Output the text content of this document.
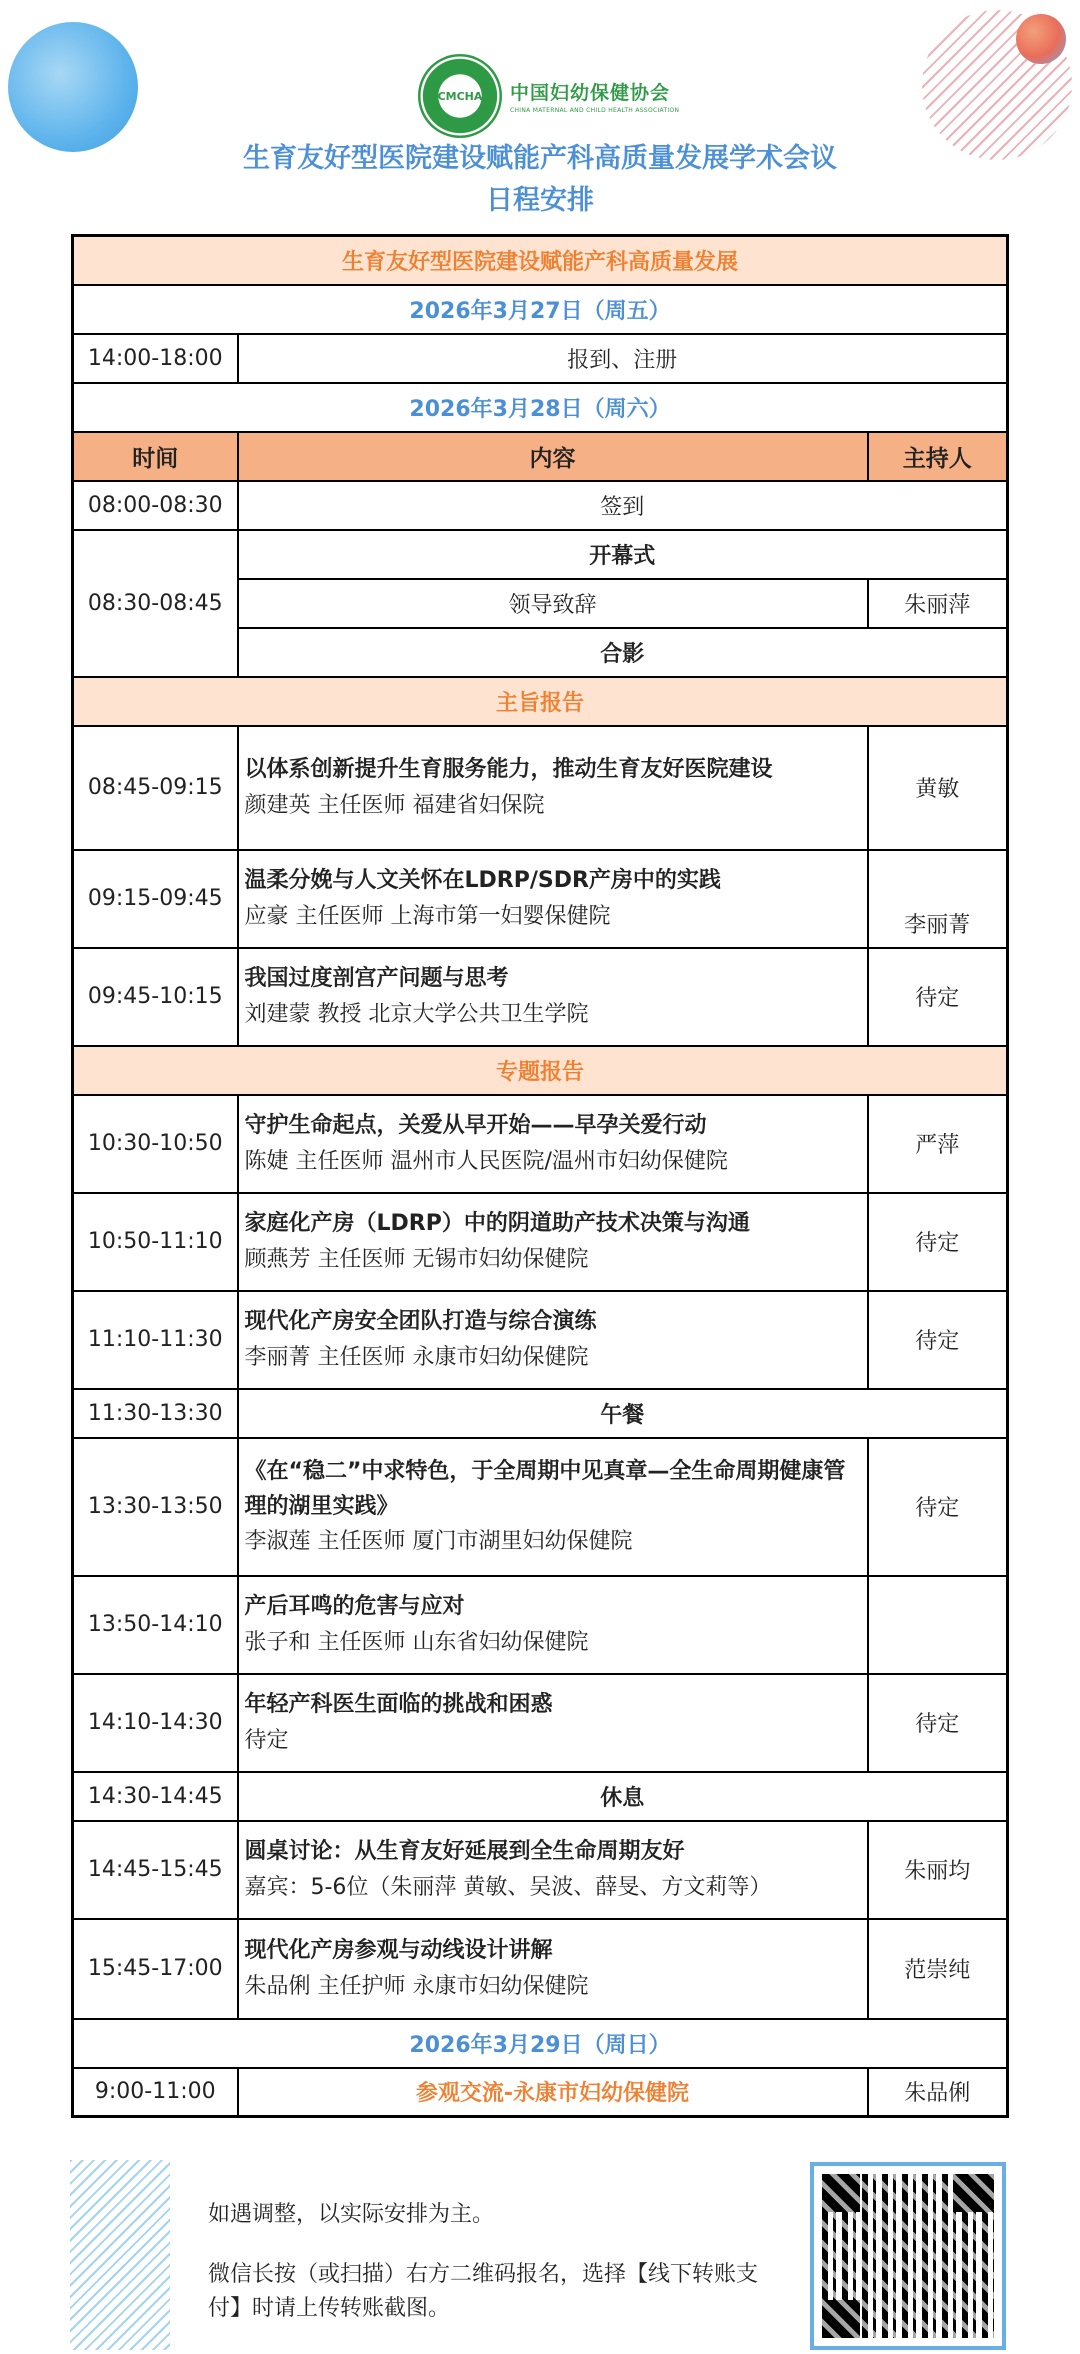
CMCHA 中国妇幼保健协会
CHINA MATERNAL AND CHILD HEALTH ASSOCIATION
生育友好型医院建设赋能产科高质量发展学术会议
日程安排
生育友好型医院建设赋能产科高质量发展		
2026年3月27日（周五）		
14:00-18:00	报到、注册	
2026年3月28日（周六）		
时间	内容	主持人
08:00-08:30	签到	
08:30-08:45	开幕式	
	领导致辞	朱丽萍
	合影	
主旨报告		
08:45-09:15	以体系创新提升生育服务能力，推动生育友好医院建设
颜建英 主任医师 福建省妇保院	黄敏
09:15-09:45	温柔分娩与人文关怀在LDRP/SDR产房中的实践
应豪 主任医师 上海市第一妇婴保健院	李丽菁
09:45-10:15	我国过度剖宫产问题与思考
刘建蒙 教授 北京大学公共卫生学院	待定
专题报告		
10:30-10:50	守护生命起点，关爱从早开始——早孕关爱行动
陈婕 主任医师 温州市人民医院/温州市妇幼保健院	严萍
10:50-11:10	家庭化产房（LDRP）中的阴道助产技术决策与沟通
顾燕芳 主任医师 无锡市妇幼保健院	待定
11:10-11:30	现代化产房安全团队打造与综合演练
李丽菁 主任医师 永康市妇幼保健院	待定
11:30-13:30	午餐	
13:30-13:50	《在“稳二”中求特色，于全周期中见真章—全生命周期健康管理的湖里实践》
李淑莲 主任医师 厦门市湖里妇幼保健院	待定
13:50-14:10	产后耳鸣的危害与应对
张子和 主任医师 山东省妇幼保健院	

14:10-14:30	年轻产科医生面临的挑战和困惑
待定	待定
14:30-14:45	休息	
14:45-15:45	圆桌讨论：从生育友好延展到全生命周期友好
嘉宾：5-6位（朱丽萍 黄敏、吴波、薛旻、方文莉等）	朱丽均
15:45-17:00	现代化产房参观与动线设计讲解
朱品俐 主任护师 永康市妇幼保健院	范崇纯
2026年3月29日（周日）		
9:00-11:00	参观交流-永康市妇幼保健院	朱品俐
如遇调整，以实际安排为主。
微信长按（或扫描）右方二维码报名，选择【线下转账支付】时请上传转账截图。
